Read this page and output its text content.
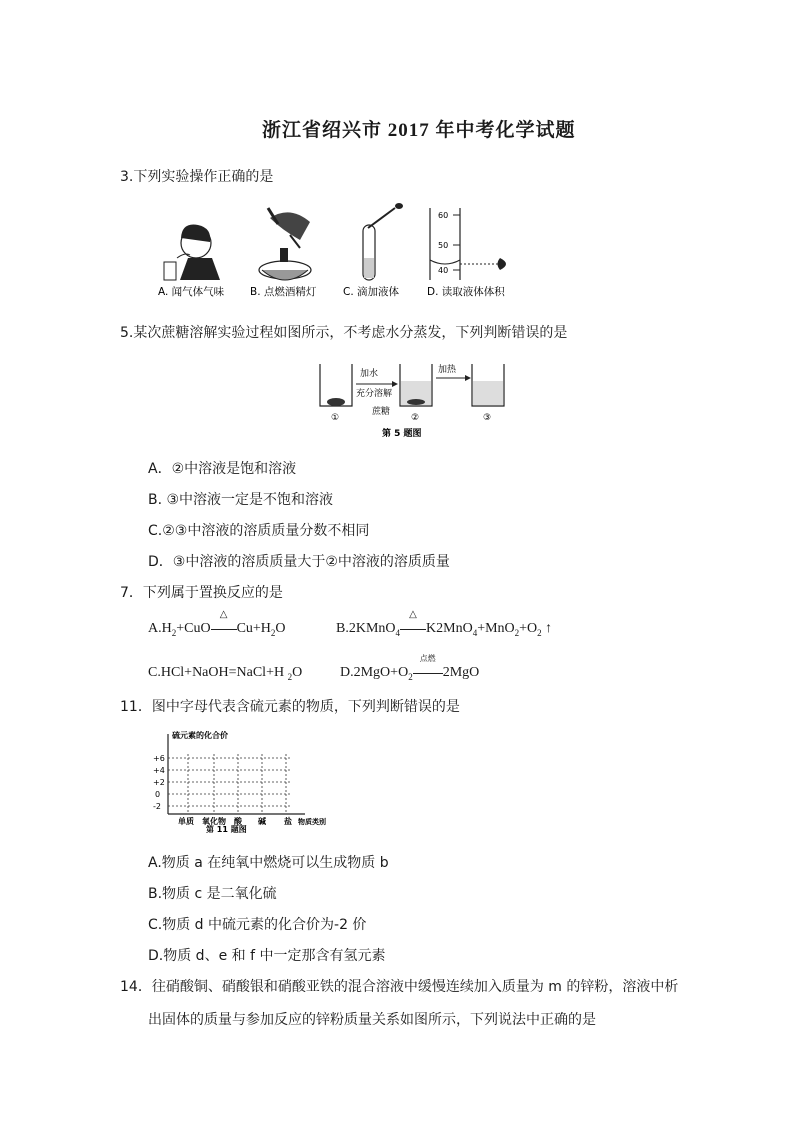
浙江省绍兴市 2017 年中考化学试题
3.下列实验操作正确的是
A. 闻气体气味 B. 点燃酒精灯	C. 滴加液体
60
50
40
D. 读取液体体积
5.某次蔗糖溶解实验过程如图所示，不考虑水分蒸发，下列判断错误的是
①
加水
充分溶解
蔗糖
②
加热
③
第 5 题图
A．②中溶液是饱和溶液
B. ③中溶液一定是不饱和溶液
C.②③中溶液的溶质质量分数不相同
D．③中溶液的溶质质量大于②中溶液的溶质质量
7．下列属于置换反应的是
$A.H_2+CuO$
△
$Cu+H_2O$	B.2KMnO$_4$
△
$K2MnO_4+MnO_2+O_2$ ↑
C.HCl+NaOH=NaCl+H $_2$O	$D.2MgO+O_2$
点燃
2MgO
11．图中字母代表含硫元素的物质，下列判断错误的是
硫元素的化合价
+6
+4
+2
0
-2
单质 氧化物 酸 碱 盐 物质类别
第 11 题图
A.物质 a 在纯氧中燃烧可以生成物质 b
B.物质 c 是二氧化硫
C.物质 d 中硫元素的化合价为-2 价
D.物质 d、e 和 f 中一定那含有氢元素
14．往硝酸铜、硝酸银和硝酸亚铁的混合溶液中缓慢连续加入质量为 m 的锌粉，溶液中析
出固体的质量与参加反应的锌粉质量关系如图所示，下列说法中正确的是
